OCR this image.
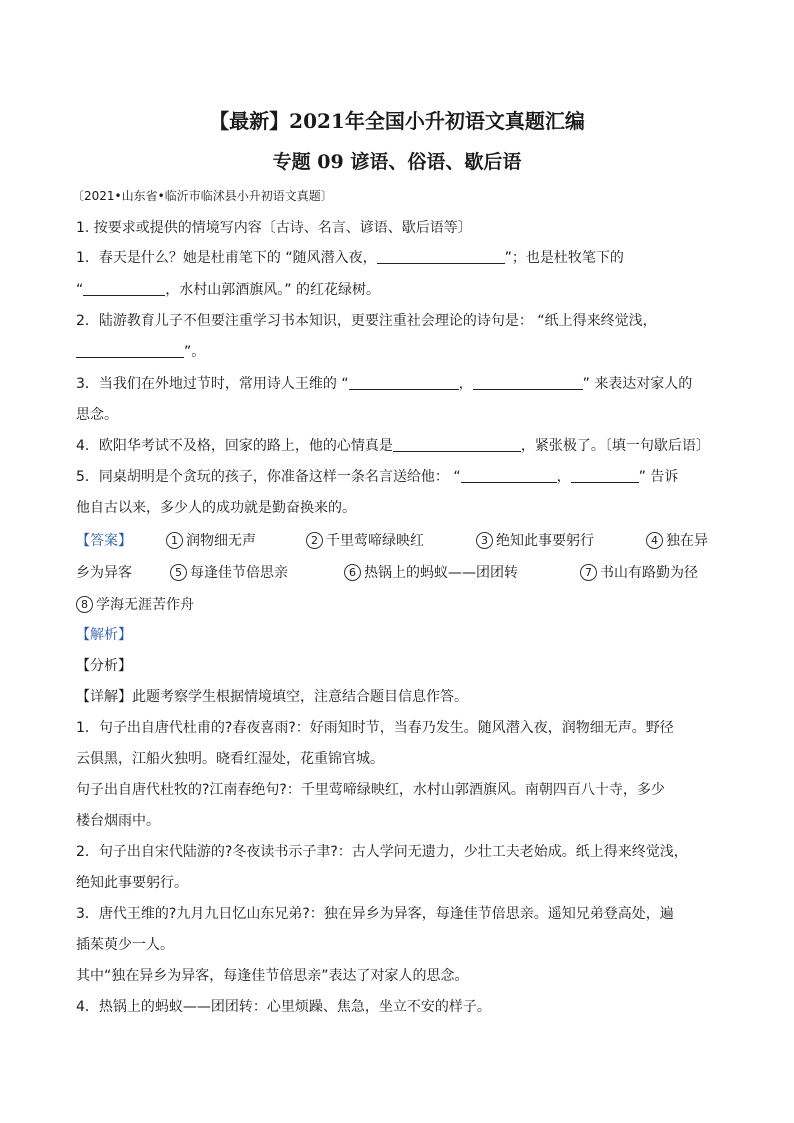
【最新】2021年全国小升初语文真题汇编
专题 09 谚语、俗语、歇后语
〔2021•山东省•临沂市临沭县小升初语文真题〕
1. 按要求或提供的情境写内容〔古诗、名言、谚语、歇后语等〕
1．春天是什么？她是杜甫笔下的 “随风潜入夜，	”；也是杜牧笔下的
“	，水村山郭酒旗风。” 的红花绿树。
2．陆游教育儿子不但要注重学习书本知识，更要注重社会理论的诗句是： “纸上得来终觉浅，
”。
3．当我们在外地过节时，常用诗人王维的 “	，	” 来表达对家人的
思念。
4．欧阳华考试不及格，回家的路上，他的心情真是	，紧张极了。〔填一句歇后语〕
5．同桌胡明是个贪玩的孩子，你准备这样一条名言送给他： “	，	” 告诉
他自古以来，多少人的成功就是勤奋换来的。
【答案】	1 润物细无声	2 千里莺啼绿映红	3 绝知此事要躬行	4 独在异
乡为异客	5 每逢佳节倍思亲	6 热锅上的蚂蚁——团团转	7 书山有路勤为径
8 学海无涯苦作舟
【解析】
【分析】
【详解】此题考察学生根据情境填空，注意结合题目信息作答。
1．句子出自唐代杜甫的?春夜喜雨?：好雨知时节，当春乃发生。随风潜入夜，润物细无声。野径
云俱黑，江船火独明。晓看红湿处，花重锦官城。
句子出自唐代杜牧的?江南春绝句?：千里莺啼绿映红，水村山郭酒旗风。南朝四百八十寺，多少
楼台烟雨中。
2．句子出自宋代陆游的?冬夜读书示子聿?：古人学问无遗力，少壮工夫老始成。纸上得来终觉浅，
绝知此事要躬行。
3．唐代王维的?九月九日忆山东兄弟?：独在异乡为异客，每逢佳节倍思亲。遥知兄弟登高处，遍
插茱萸少一人。
其中“独在异乡为异客，每逢佳节倍思亲”表达了对家人的思念。
4．热锅上的蚂蚁——团团转：心里烦躁、焦急，坐立不安的样子。
